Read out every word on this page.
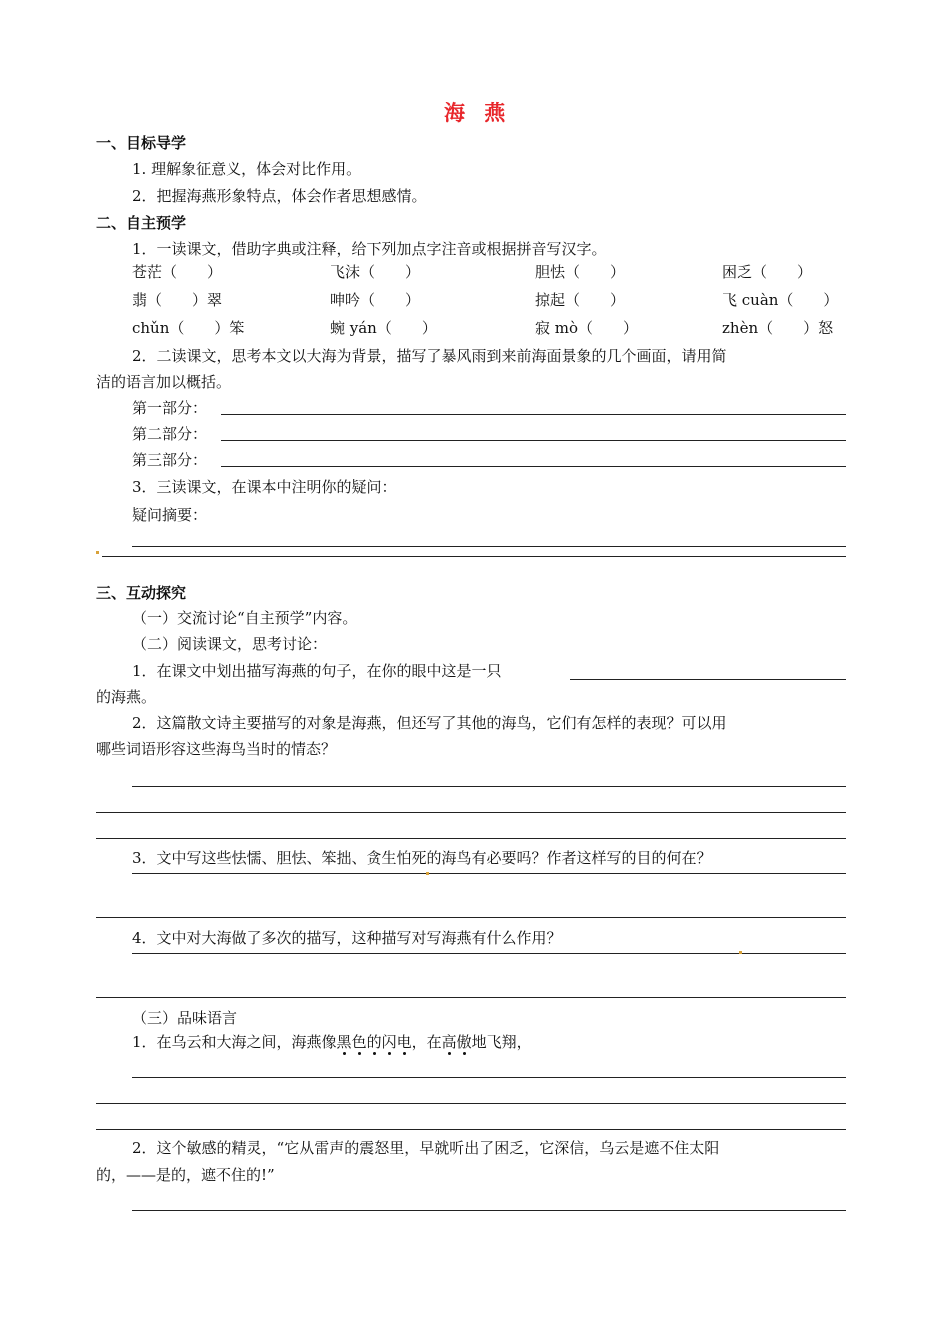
海 燕
一、目标导学
1. 理解象征意义，体会对比作用。
2．把握海燕形象特点，体会作者思想感情。
二、自主预学
1．一读课文，借助字典或注释，给下列加点字注音或根据拼音写汉字。
苍茫（　　）	飞沫（　　）	胆怯（　　）	困乏（　　）
翡（　　）翠	呻吟（　　）	掠起（　　）	飞 cuàn（　　）
chǔn（　　）笨	蜿 yán（　　）	寂 mò（　　）	zhèn（　　）怒
2．二读课文，思考本文以大海为背景，描写了暴风雨到来前海面景象的几个画面，请用简
洁的语言加以概括。
第一部分：
第二部分：
第三部分：
3．三读课文，在课本中注明你的疑问：
疑问摘要：
三、互动探究
（一）交流讨论“自主预学”内容。
（二）阅读课文，思考讨论：
1．在课文中划出描写海燕的句子，在你的眼中这是一只
的海燕。
2．这篇散文诗主要描写的对象是海燕，但还写了其他的海鸟，它们有怎样的表现？可以用
哪些词语形容这些海鸟当时的情态？
3．文中写这些怯懦、胆怯、笨拙、贪生怕死的海鸟有必要吗？作者这样写的目的何在？
4．文中对大海做了多次的描写，这种描写对写海燕有什么作用？
（三）品味语言
1．在乌云和大海之间，海燕像黑色的闪电，在高傲地飞翔，
2．这个敏感的精灵，“它从雷声的震怒里，早就听出了困乏，它深信，乌云是遮不住太阳
的，——是的，遮不住的!”
